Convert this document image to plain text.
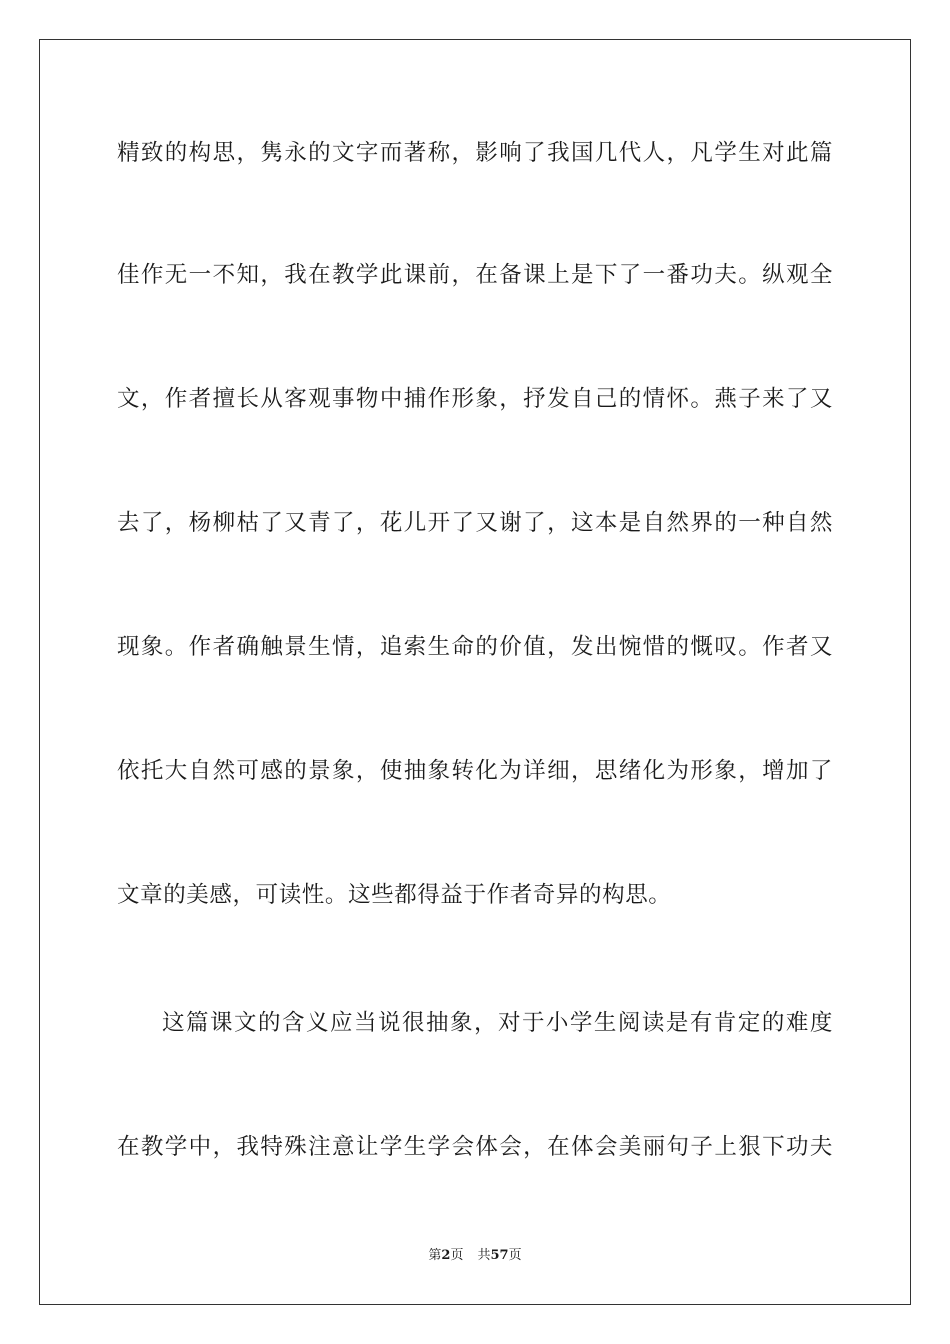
精致的构思，隽永的文字而著称，影响了我国几代人，凡学生对此篇
佳作无一不知，我在教学此课前，在备课上是下了一番功夫。纵观全
文，作者擅长从客观事物中捕作形象，抒发自己的情怀。燕子来了又
去了，杨柳枯了又青了，花儿开了又谢了，这本是自然界的一种自然
现象。作者确触景生情，追索生命的价值，发出惋惜的慨叹。作者又
依托大自然可感的景象，使抽象转化为详细，思绪化为形象，增加了
文章的美感，可读性。这些都得益于作者奇异的构思。
这篇课文的含义应当说很抽象，对于小学生阅读是有肯定的难度
在教学中，我特殊注意让学生学会体会，在体会美丽句子上狠下功夫
第2页 共57页
